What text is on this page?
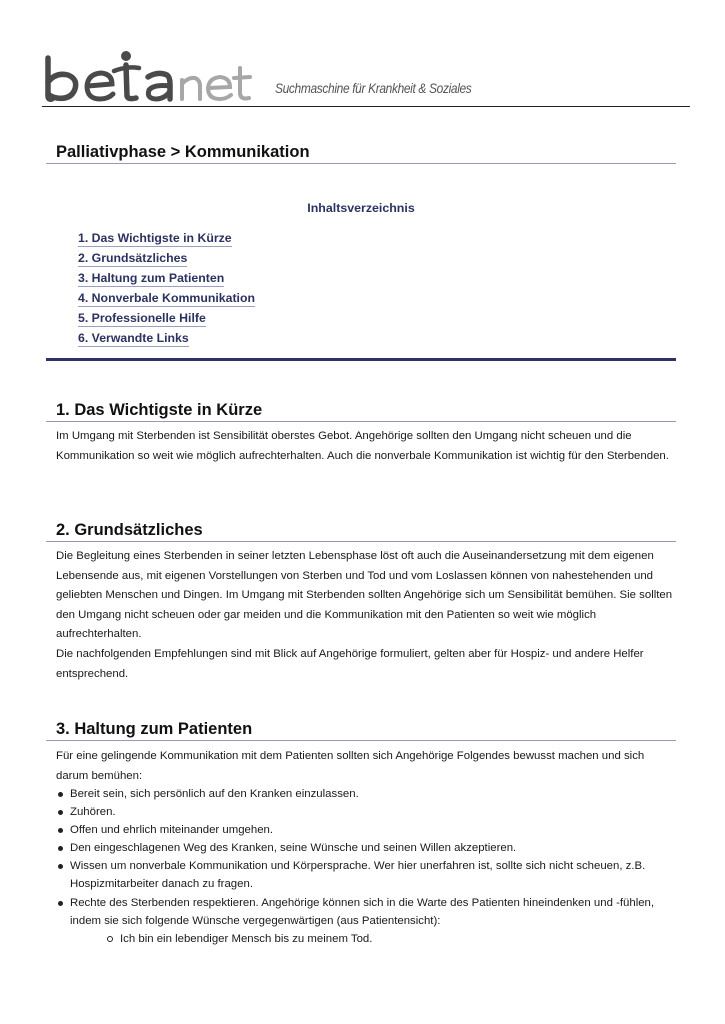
Suchmaschine für Krankheit & Soziales
Palliativphase > Kommunikation
Inhaltsverzeichnis
1. Das Wichtigste in Kürze
2. Grundsätzliches
3. Haltung zum Patienten
4. Nonverbale Kommunikation
5. Professionelle Hilfe
6. Verwandte Links
1. Das Wichtigste in Kürze

Im Umgang mit Sterbenden ist Sensibilität oberstes Gebot. Angehörige sollten den Umgang nicht scheuen und die Kommunikation so weit wie möglich aufrechterhalten. Auch die nonverbale Kommunikation ist wichtig für den Sterbenden.

2. Grundsätzliches

Die Begleitung eines Sterbenden in seiner letzten Lebensphase löst oft auch die Auseinandersetzung mit dem eigenen Lebensende aus, mit eigenen Vorstellungen von Sterben und Tod und vom Loslassen können von nahestehenden und geliebten Menschen und Dingen. Im Umgang mit Sterbenden sollten Angehörige sich um Sensibilität bemühen. Sie sollten den Umgang nicht scheuen oder gar meiden und die Kommunikation mit den Patienten so weit wie möglich aufrechterhalten.

Die nachfolgenden Empfehlungen sind mit Blick auf Angehörige formuliert, gelten aber für Hospiz- und andere Helfer entsprechend.

3. Haltung zum Patienten

Für eine gelingende Kommunikation mit dem Patienten sollten sich Angehörige Folgendes bewusst machen und sich darum bemühen:

Bereit sein, sich persönlich auf den Kranken einzulassen.
Zuhören.
Offen und ehrlich miteinander umgehen.
Den eingeschlagenen Weg des Kranken, seine Wünsche und seinen Willen akzeptieren.
Wissen um nonverbale Kommunikation und Körpersprache. Wer hier unerfahren ist, sollte sich nicht scheuen, z.B. Hospizmitarbeiter danach zu fragen.
Rechte des Sterbenden respektieren. Angehörige können sich in die Warte des Patienten hineindenken und -fühlen, indem sie sich folgende Wünsche vergegenwärtigen (aus Patientensicht):
Ich bin ein lebendiger Mensch bis zu meinem Tod.
